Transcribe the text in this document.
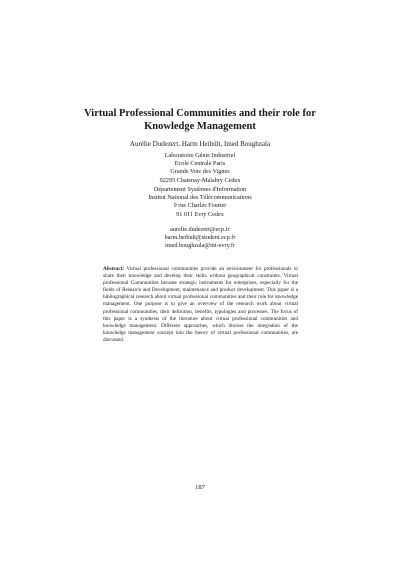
Virtual Professional Communities and their role for
Knowledge Management
Aurélie Dudezert, Harm Heibült, Imed Boughzala
Laboratoire Génie Industriel
Ecole Centrale Paris
Grande Voie des Vignes
92295 Chatenay-Malabry Cedex
Département Systèmes d'Information
Institut National des Télécommunications
9 rue Charles Fourier
91 011 Evry Cedex
aurelie.dudezert@ecp.fr
harm.heibult@student.ecp.fr
imed.boughzala@int-evry.fr
Abstract: Virtual professional communities provide an environment for professionals to share their knowledge and develop their skills without geographical constraints. Virtual professional Communities became strategic instruments for enterprises, especially for the fields of Research and Development, maintenance and product development. This paper is a bibliographical research about virtual professional communities and their role for knowledge management. One purpose is to give an overview of the research work about virtual professional communities, their definition, benefits, typologies and processes. The focus of this paper is a synthesis of the literature about virtual professional communities and knowledge management. Different approaches, which discuss the integration of the knowledge management concept into the theory of virtual professional communities, are discussed.
187
